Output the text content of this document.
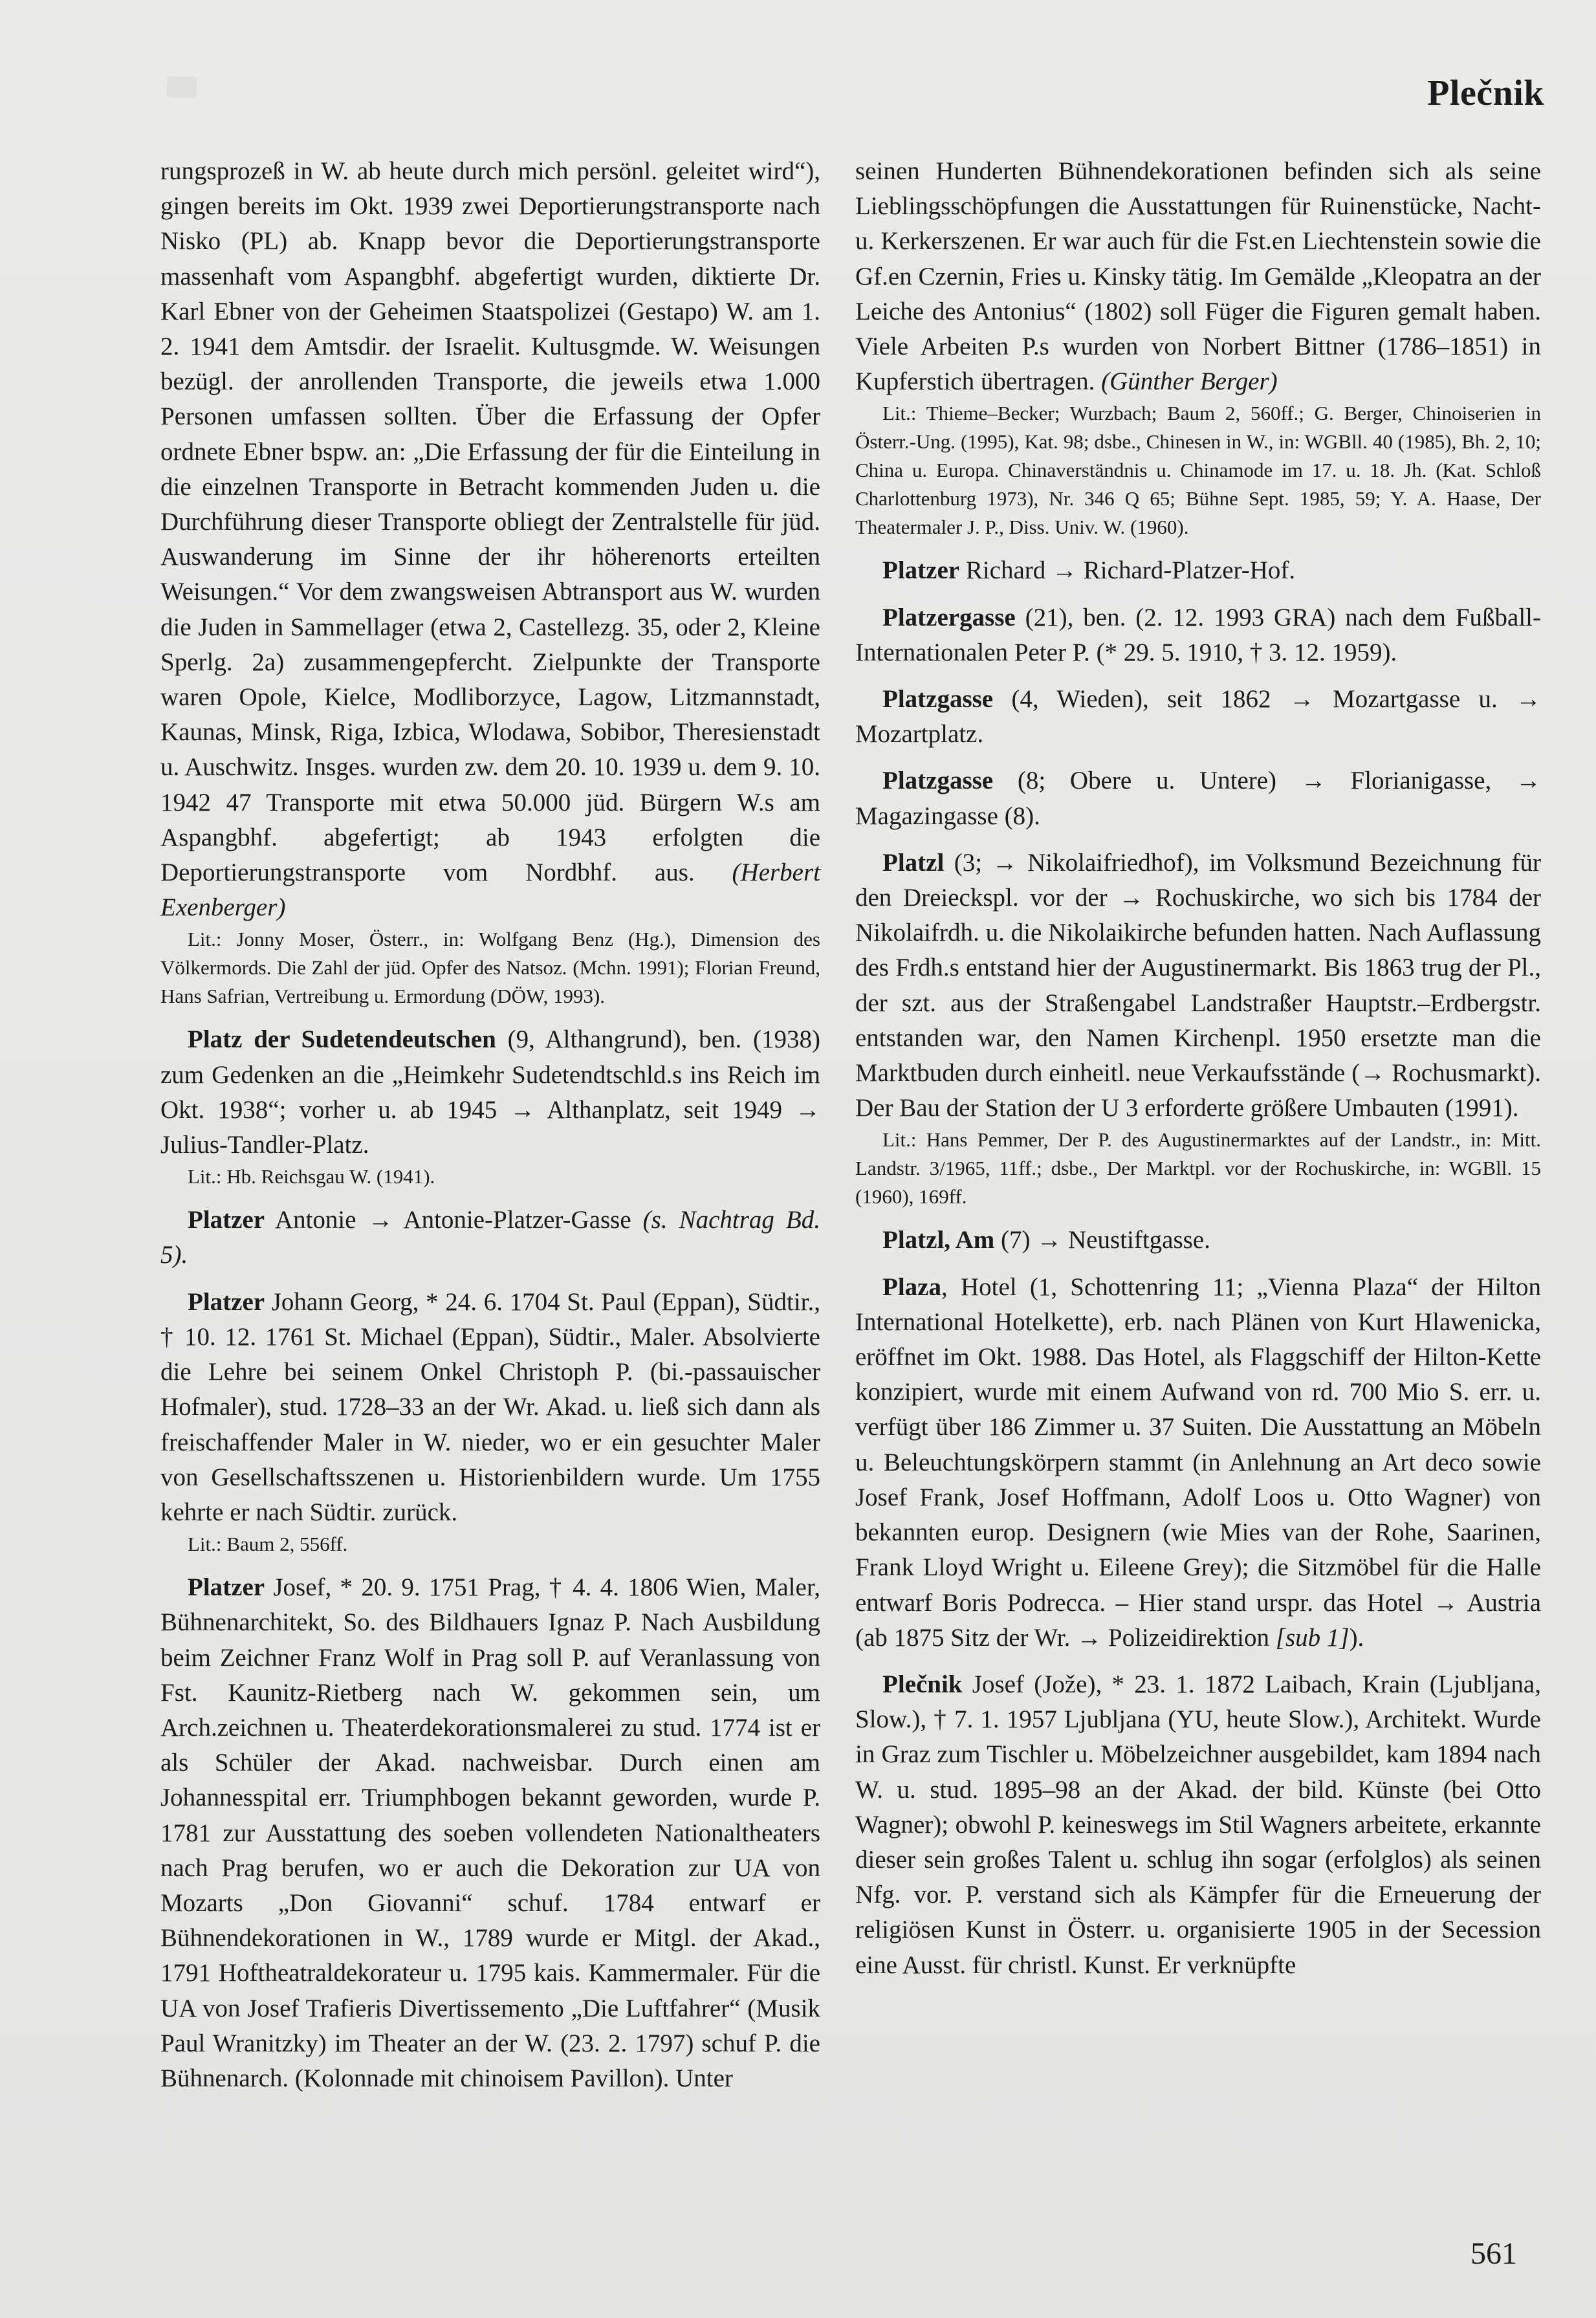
Plečnik

rungsprozeß in W. ab heute durch mich persönl. geleitet wird“), gingen bereits im Okt. 1939 zwei Deportierungstransporte nach Nisko (PL) ab. Knapp bevor die Deportierungstransporte massenhaft vom Aspangbhf. abgefertigt wurden, diktierte Dr. Karl Ebner von der Geheimen Staatspolizei (Gestapo) W. am 1. 2. 1941 dem Amtsdir. der Israelit. Kultusgmde. W. Weisungen bezügl. der anrollenden Transporte, die jeweils etwa 1.000 Personen umfassen sollten. Über die Erfassung der Opfer ordnete Ebner bspw. an: „Die Erfassung der für die Einteilung in die einzelnen Transporte in Betracht kommenden Juden u. die Durchführung dieser Transporte obliegt der Zentralstelle für jüd. Auswanderung im Sinne der ihr höherenorts erteilten Weisungen.“ Vor dem zwangsweisen Abtransport aus W. wurden die Juden in Sammellager (etwa 2, Castellezg. 35, oder 2, Kleine Sperlg. 2a) zusammengepfercht. Zielpunkte der Transporte waren Opole, Kielce, Modliborzyce, Lagow, Litzmannstadt, Kaunas, Minsk, Riga, Izbica, Wlodawa, Sobibor, Theresienstadt u. Auschwitz. Insges. wurden zw. dem 20. 10. 1939 u. dem 9. 10. 1942 47 Transporte mit etwa 50.000 jüd. Bürgern W.s am Aspangbhf. abgefertigt; ab 1943 erfolgten die Deportierungstransporte vom Nordbhf. aus. (Herbert Exenberger)

Lit.: Jonny Moser, Österr., in: Wolfgang Benz (Hg.), Dimension des Völkermords. Die Zahl der jüd. Opfer des Natsoz. (Mchn. 1991); Florian Freund, Hans Safrian, Vertreibung u. Ermordung (DÖW, 1993).

Platz der Sudetendeutschen (9, Althangrund), ben. (1938) zum Gedenken an die „Heimkehr Sudetendtschld.s ins Reich im Okt. 1938“; vorher u. ab 1945 → Althanplatz, seit 1949 → Julius-Tandler-Platz.

Lit.: Hb. Reichsgau W. (1941).

Platzer Antonie → Antonie-Platzer-Gasse (s. Nachtrag Bd. 5).

Platzer Johann Georg, * 24. 6. 1704 St. Paul (Eppan), Südtir., † 10. 12. 1761 St. Michael (Eppan), Südtir., Maler. Absolvierte die Lehre bei seinem Onkel Christoph P. (bi.-passauischer Hofmaler), stud. 1728–33 an der Wr. Akad. u. ließ sich dann als freischaffender Maler in W. nieder, wo er ein gesuchter Maler von Gesellschaftsszenen u. Historienbildern wurde. Um 1755 kehrte er nach Südtir. zurück.

Lit.: Baum 2, 556ff.

Platzer Josef, * 20. 9. 1751 Prag, † 4. 4. 1806 Wien, Maler, Bühnenarchitekt, So. des Bildhauers Ignaz P. Nach Ausbildung beim Zeichner Franz Wolf in Prag soll P. auf Veranlassung von Fst. Kaunitz-Rietberg nach W. gekommen sein, um Arch.zeichnen u. Theaterdekorationsmalerei zu stud. 1774 ist er als Schüler der Akad. nachweisbar. Durch einen am Johannesspital err. Triumphbogen bekannt geworden, wurde P. 1781 zur Ausstattung des soeben vollendeten Nationaltheaters nach Prag berufen, wo er auch die Dekoration zur UA von Mozarts „Don Giovanni“ schuf. 1784 entwarf er Bühnendekorationen in W., 1789 wurde er Mitgl. der Akad., 1791 Hoftheatraldekorateur u. 1795 kais. Kammermaler. Für die UA von Josef Trafieris Divertissemento „Die Luftfahrer“ (Musik Paul Wranitzky) im Theater an der W. (23. 2. 1797) schuf P. die Bühnenarch. (Kolonnade mit chinoisem Pavillon). Unter

seinen Hunderten Bühnendekorationen befinden sich als seine Lieblingsschöpfungen die Ausstattungen für Ruinenstücke, Nacht- u. Kerkerszenen. Er war auch für die Fst.en Liechtenstein sowie die Gf.en Czernin, Fries u. Kinsky tätig. Im Gemälde „Kleopatra an der Leiche des Antonius“ (1802) soll Füger die Figuren gemalt haben. Viele Arbeiten P.s wurden von Norbert Bittner (1786–1851) in Kupferstich übertragen. (Günther Berger)

Lit.: Thieme–Becker; Wurzbach; Baum 2, 560ff.; G. Berger, Chinoiserien in Österr.-Ung. (1995), Kat. 98; dsbe., Chinesen in W., in: WGBll. 40 (1985), Bh. 2, 10; China u. Europa. Chinaverständnis u. Chinamode im 17. u. 18. Jh. (Kat. Schloß Charlottenburg 1973), Nr. 346 Q 65; Bühne Sept. 1985, 59; Y. A. Haase, Der Theatermaler J. P., Diss. Univ. W. (1960).

Platzer Richard → Richard-Platzer-Hof.

Platzergasse (21), ben. (2. 12. 1993 GRA) nach dem Fußball-Internationalen Peter P. (* 29. 5. 1910, † 3. 12. 1959).

Platzgasse (4, Wieden), seit 1862 → Mozartgasse u. → Mozartplatz.

Platzgasse (8; Obere u. Untere) → Florianigasse, → Magazingasse (8).

Platzl (3; → Nikolaifriedhof), im Volksmund Bezeichnung für den Dreieckspl. vor der → Rochuskirche, wo sich bis 1784 der Nikolaifrdh. u. die Nikolaikirche befunden hatten. Nach Auflassung des Frdh.s entstand hier der Augustinermarkt. Bis 1863 trug der Pl., der szt. aus der Straßengabel Landstraßer Hauptstr.–Erdbergstr. entstanden war, den Namen Kirchenpl. 1950 ersetzte man die Marktbuden durch einheitl. neue Verkaufsstände (→ Rochusmarkt). Der Bau der Station der U 3 erforderte größere Umbauten (1991).

Lit.: Hans Pemmer, Der P. des Augustinermarktes auf der Landstr., in: Mitt. Landstr. 3/1965, 11ff.; dsbe., Der Marktpl. vor der Rochuskirche, in: WGBll. 15 (1960), 169ff.

Platzl, Am (7) → Neustiftgasse.

Plaza, Hotel (1, Schottenring 11; „Vienna Plaza“ der Hilton International Hotelkette), erb. nach Plänen von Kurt Hlawenicka, eröffnet im Okt. 1988. Das Hotel, als Flaggschiff der Hilton-Kette konzipiert, wurde mit einem Aufwand von rd. 700 Mio S. err. u. verfügt über 186 Zimmer u. 37 Suiten. Die Ausstattung an Möbeln u. Beleuchtungskörpern stammt (in Anlehnung an Art deco sowie Josef Frank, Josef Hoffmann, Adolf Loos u. Otto Wagner) von bekannten europ. Designern (wie Mies van der Rohe, Saarinen, Frank Lloyd Wright u. Eileene Grey); die Sitzmöbel für die Halle entwarf Boris Podrecca. – Hier stand urspr. das Hotel → Austria (ab 1875 Sitz der Wr. → Polizeidirektion [sub 1]).

Plečnik Josef (Jože), * 23. 1. 1872 Laibach, Krain (Ljubljana, Slow.), † 7. 1. 1957 Ljubljana (YU, heute Slow.), Architekt. Wurde in Graz zum Tischler u. Möbelzeichner ausgebildet, kam 1894 nach W. u. stud. 1895–98 an der Akad. der bild. Künste (bei Otto Wagner); obwohl P. keineswegs im Stil Wagners arbeitete, erkannte dieser sein großes Talent u. schlug ihn sogar (erfolglos) als seinen Nfg. vor. P. verstand sich als Kämpfer für die Erneuerung der religiösen Kunst in Österr. u. organisierte 1905 in der Secession eine Ausst. für christl. Kunst. Er verknüpfte

561
